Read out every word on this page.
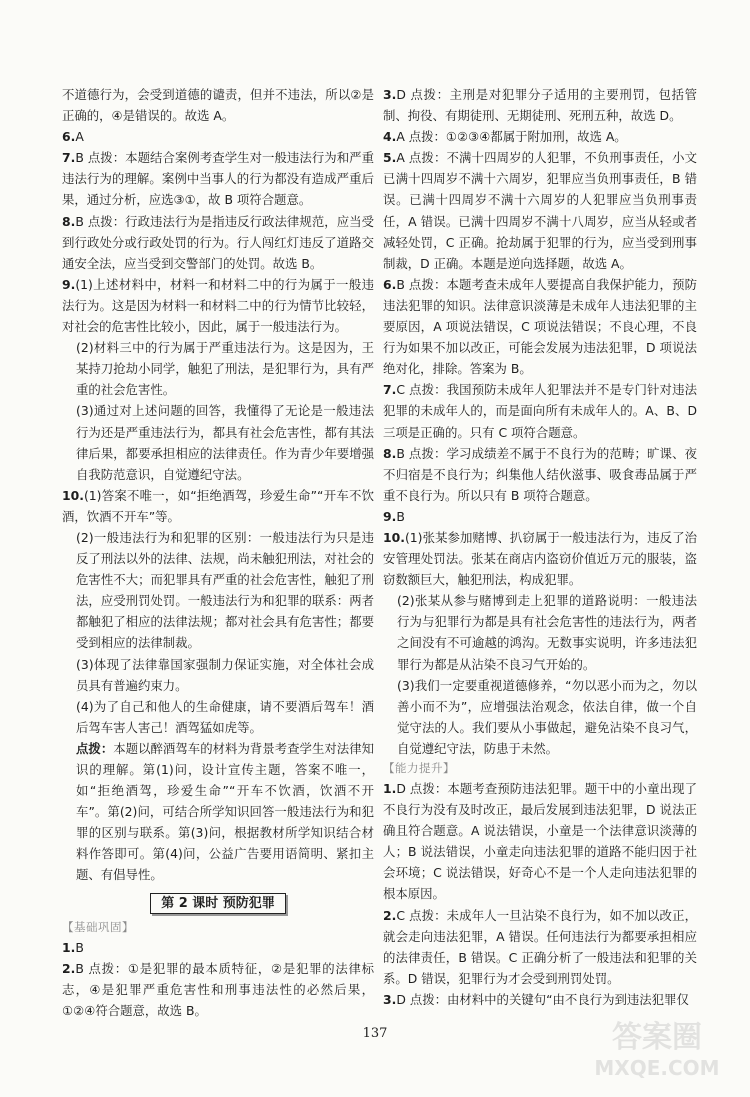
不道德行为，会受到道德的谴责，但并不违法，所以②是正确的，④是错误的。故选 A。

6.A

7.B 点拨：本题结合案例考查学生对一般违法行为和严重违法行为的理解。案例中当事人的行为都没有造成严重后果，通过分析，应选③①，故 B 项符合题意。

8.B 点拨：行政违法行为是指违反行政法律规范，应当受到行政处分或行政处罚的行为。行人闯红灯违反了道路交通安全法，应当受到交警部门的处罚。故选 B。

9.(1)上述材料中，材料一和材料二中的行为属于一般违法行为。这是因为材料一和材料二中的行为情节比较轻，对社会的危害性比较小，因此，属于一般违法行为。

(2)材料三中的行为属于严重违法行为。这是因为，王某持刀抢劫小同学，触犯了刑法，是犯罪行为，具有严重的社会危害性。

(3)通过对上述问题的回答，我懂得了无论是一般违法行为还是严重违法行为，都具有社会危害性，都有其法律后果，都要承担相应的法律责任。作为青少年要增强自我防范意识，自觉遵纪守法。

10.(1)答案不唯一，如“拒绝酒驾，珍爱生命”“开车不饮酒，饮酒不开车”等。

(2)一般违法行为和犯罪的区别：一般违法行为只是违反了刑法以外的法律、法规，尚未触犯刑法，对社会的危害性不大；而犯罪具有严重的社会危害性，触犯了刑法，应受刑罚处罚。一般违法行为和犯罪的联系：两者都触犯了相应的法律法规；都对社会具有危害性；都要受到相应的法律制裁。

(3)体现了法律靠国家强制力保证实施，对全体社会成员具有普遍约束力。

(4)为了自己和他人的生命健康，请不要酒后驾车！酒后驾车害人害己！酒驾猛如虎等。

点拨：本题以醉酒驾车的材料为背景考查学生对法律知识的理解。第(1)问，设计宣传主题，答案不唯一，如“拒绝酒驾，珍爱生命”“开车不饮酒，饮酒不开车”。第(2)问，可结合所学知识回答一般违法行为和犯罪的区别与联系。第(3)问，根据教材所学知识结合材料作答即可。第(4)问，公益广告要用语简明、紧扣主题、有倡导性。

第 2 课时 预防犯罪
【基础巩固】

1.B

2.B 点拨：①是犯罪的最本质特征，②是犯罪的法律标志，④是犯罪严重危害性和刑事违法性的必然后果，①②④符合题意，故选 B。

3.D 点拨：主刑是对犯罪分子适用的主要刑罚，包括管制、拘役、有期徒刑、无期徒刑、死刑五种，故选 D。

4.A 点拨：①②③④都属于附加刑，故选 A。

5.A 点拨：不满十四周岁的人犯罪，不负刑事责任，小文已满十四周岁不满十六周岁，犯罪应当负刑事责任，B 错误。已满十四周岁不满十六周岁的人犯罪应当负刑事责任，A 错误。已满十四周岁不满十八周岁，应当从轻或者减轻处罚，C 正确。抢劫属于犯罪的行为，应当受到刑事制裁，D 正确。本题是逆向选择题，故选 A。

6.B 点拨：本题考查未成年人要提高自我保护能力，预防违法犯罪的知识。法律意识淡薄是未成年人违法犯罪的主要原因，A 项说法错误，C 项说法错误；不良心理，不良行为如果不加以改正，可能会发展为违法犯罪，D 项说法绝对化，排除。答案为 B。

7.C 点拨：我国预防未成年人犯罪法并不是专门针对违法犯罪的未成年人的，而是面向所有未成年人的。A、B、D 三项是正确的。只有 C 项符合题意。

8.B 点拨：学习成绩差不属于不良行为的范畴；旷课、夜不归宿是不良行为；纠集他人结伙滋事、吸食毒品属于严重不良行为。所以只有 B 项符合题意。

9.B

10.(1)张某参加赌博、扒窃属于一般违法行为，违反了治安管理处罚法。张某在商店内盗窃价值近万元的服装，盗窃数额巨大，触犯刑法，构成犯罪。

(2)张某从参与赌博到走上犯罪的道路说明：一般违法行为与犯罪行为都是具有社会危害性的违法行为，两者之间没有不可逾越的鸿沟。无数事实说明，许多违法犯罪行为都是从沾染不良习气开始的。

(3)我们一定要重视道德修养，“勿以恶小而为之，勿以善小而不为”，应增强法治观念，依法自律，做一个自觉守法的人。我们要从小事做起，避免沾染不良习气，自觉遵纪守法，防患于未然。

【能力提升】

1.D 点拨：本题考查预防违法犯罪。题干中的小童出现了不良行为没有及时改正，最后发展到违法犯罪，D 说法正确且符合题意。A 说法错误，小童是一个法律意识淡薄的人；B 说法错误，小童走向违法犯罪的道路不能归因于社会环境；C 说法错误，好奇心不是一个人走向违法犯罪的根本原因。

2.C 点拨：未成年人一旦沾染不良行为，如不加以改正，就会走向违法犯罪，A 错误。任何违法行为都要承担相应的法律责任，B 错误。C 正确分析了一般违法和犯罪的关系。D 错误，犯罪行为才会受到刑罚处罚。

3.D 点拨：由材料中的关键句“由不良行为到违法犯罪仅

137	答案圈
MXQE.COM
